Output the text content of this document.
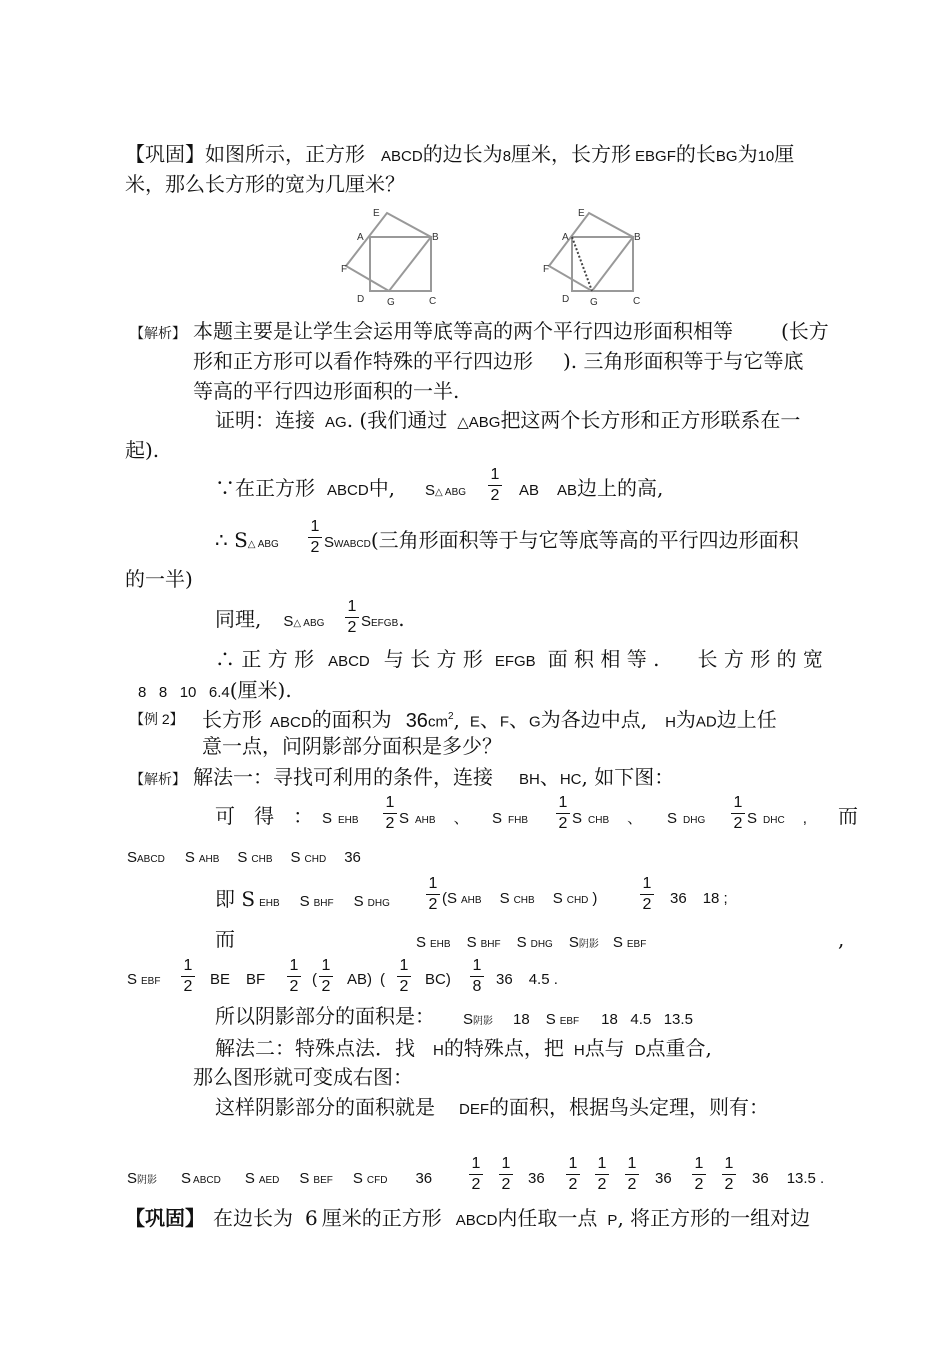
【巩固】如图所示，正方形 ABCD的边长为8厘米，长方形 EBGF的长BG为10厘
米，那么长方形的宽为几厘米？
E
A	B
F
D G	C
E
A	B
F
D G	C
【解析】 本题主要是让学生会运用等底等高的两个平行四边形面积相等 (长方
形和正方形可以看作特殊的平行四边形 ). 三角形面积等于与它等底
等高的平行四边形面积的一半.
证明：连接 AG. (我们通过 △ABG把这两个长方形和正方形联系在一
起).
∵在正方形 ABCD中, S△ ABG
1
2 AB AB边上的高,
∴ S△ ABG
1
2 SWABCD(三角形面积等于与它等底等高的平行四边形面积
的一半)
同理, S△ ABG
1
2 SEFGB.
∴ 正 方 形 ABCD 与 长 方 形 EFGB 面 积 相 等 . 长 方 形 的 宽
8   8   10   6.4(厘米).
【例 2】 长方形 ABCD的面积为 $36cm^2$, E、F、G为各边中点, H为AD边上任
意一点，问阴影部分面积是多少？
【解析】 解法一：寻找可利用的条件，连接 BH、HC, 如下图：
可   得   ： SEHB
1
2 SAHB 、 SFHB
1
2 SCHB 、 SDHG
1
2 SDHC , 而
SABCD S AHB S CHB S CHD 36
即 S EHB S BHF S DHG
1
2 (SAHB S CHB S CHD )
1
2 36 18 ;
而	SEHB S BHF S DHG S阴影 S EBF	,
SEBF
1
2 BE BF
1
2 (
1
2 AB) (
1
2 BC)
1
8 36 4.5 .
所以阴影部分的面积是： S阴影 18 S EBF 18   4.5   13.5
解法二：特殊点法．找 H的特殊点，把 H点与 D点重合,
那么图形就可变成右图：
这样阴影部分的面积就是 DEF的面积，根据鸟头定理，则有：
S阴影 S ABCD S AED S BEF S CFD 36
1
2
1
2 36
1
2
1
2
1
2 36
1
2
1
2 36 13.5 .
【巩固】 在边长为 6 厘米的正方形 ABCD内任取一点 P, 将正方形的一组对边
